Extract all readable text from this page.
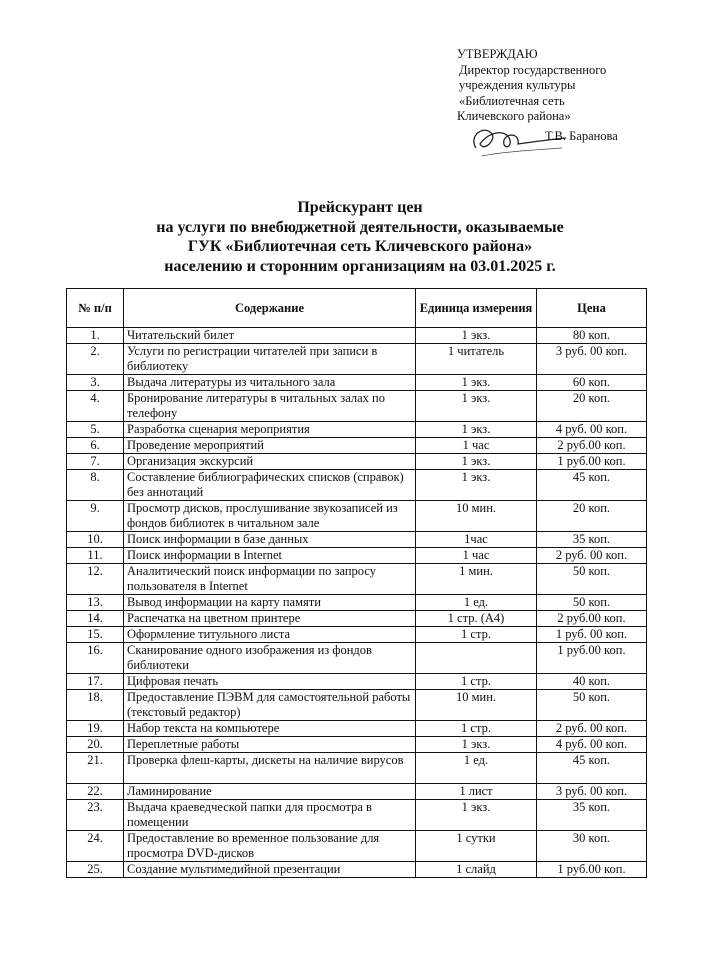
УТВЕРЖДАЮ
Директор государственного
учреждения культуры
«Библиотечная сеть
Кличевского района»
Т.В. Баранова
Прейскурант цен
на услуги по внебюджетной деятельности, оказываемые
ГУК «Библиотечная сеть Кличевского района»
населению и сторонним организациям на 03.01.2025 г.
№ п/п	Содержание	Единица измерения	Цена
1.	Читательский билет	1 экз.	80 коп.
2.	Услуги по регистрации читателей при записи в библиотеку	1 читатель	3 руб. 00 коп.
3.	Выдача литературы из читального зала	1 экз.	60 коп.
4.	Бронирование литературы в читальных залах по телефону	1 экз.	20 коп.
5.	Разработка сценария мероприятия	1 экз.	4 руб. 00 коп.
6.	Проведение мероприятий	1 час	2 руб.00 коп.
7.	Организация экскурсий	1 экз.	1 руб.00 коп.
8.	Составление библиографических списков (справок) без аннотаций	1 экз.	45 коп.
9.	Просмотр дисков, прослушивание звукозаписей из фондов библиотек в читальном зале	10 мин.	20 коп.
10.	Поиск информации в базе данных	1час	35 коп.
11.	Поиск информации в Internet	1 час	2 руб. 00 коп.
12.	Аналитический поиск информации по запросу пользователя в Internet	1 мин.	50 коп.
13.	Вывод информации на карту памяти	1 ед.	50 коп.
14.	Распечатка на цветном принтере	1 стр. (А4)	2 руб.00 коп.
15.	Оформление титульного листа	1 стр.	1 руб. 00 коп.
16.	Сканирование одного изображения из фондов библиотеки		1 руб.00 коп.
17.	Цифровая печать	1 стр.	40 коп.
18.	Предоставление ПЭВМ для самостоятельной работы (текстовый редактор)	10 мин.	50 коп.
19.	Набор текста на компьютере	1 стр.	2 руб. 00 коп.
20.	Переплетные работы	1 экз.	4 руб. 00 коп.
21.	Проверка флеш-карты, дискеты на наличие вирусов	1 ед.	45 коп.
22.	Ламинирование	1 лист	3 руб. 00 коп.
23.	Выдача краеведческой папки для просмотра в помещении	1 экз.	35 коп.
24.	Предоставление во временное пользование для просмотра DVD-дисков	1 сутки	30 коп.
25.	Создание мультимедийной презентации	1 слайд	1 руб.00 коп.
